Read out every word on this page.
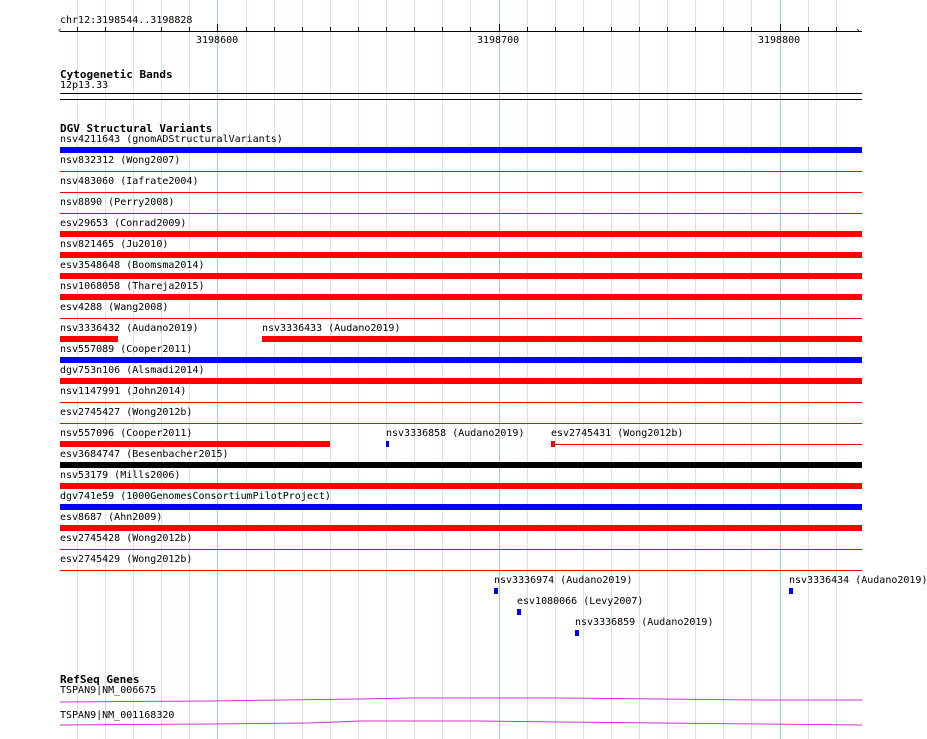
chr12:3198544..3198828
‹	›
3198600	3198700	3198800
Cytogenetic Bands
12p13.33
DGV Structural Variants
nsv4211643 (gnomADStructuralVariants)
nsv832312 (Wong2007)
nsv483060 (Iafrate2004)
nsv8890 (Perry2008)
esv29653 (Conrad2009)
nsv821465 (Ju2010)
esv3548648 (Boomsma2014)
nsv1068058 (Thareja2015)
esv4288 (Wang2008)
nsv3336432 (Audano2019)	nsv3336433 (Audano2019)
nsv557089 (Cooper2011)
dgv753n106 (Alsmadi2014)
nsv1147991 (John2014)
esv2745427 (Wong2012b)
nsv557096 (Cooper2011)	nsv3336858 (Audano2019)	esv2745431 (Wong2012b)
esv3684747 (Besenbacher2015)
nsv53179 (Mills2006)
dgv741e59 (1000GenomesConsortiumPilotProject)
esv8687 (Ahn2009)
esv2745428 (Wong2012b)
esv2745429 (Wong2012b)
nsv3336974 (Audano2019)	nsv3336434 (Audano2019)
esv1080066 (Levy2007)
nsv3336859 (Audano2019)
RefSeq Genes
TSPAN9|NM_006675
TSPAN9|NM_001168320
